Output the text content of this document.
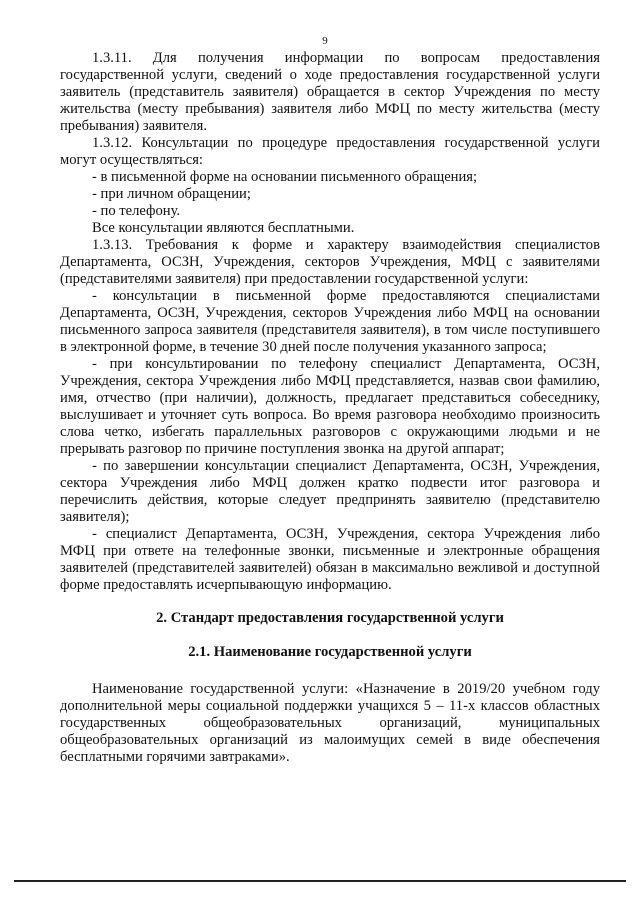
9

1.3.11. Для получения информации по вопросам предоставления государственной услуги, сведений о ходе предоставления государственной услуги заявитель (представитель заявителя) обращается в сектор Учреждения по месту жительства (месту пребывания) заявителя либо МФЦ по месту жительства (месту пребывания) заявителя.

1.3.12. Консультации по процедуре предоставления государственной услуги могут осуществляться:

- в письменной форме на основании письменного обращения;

- при личном обращении;

- по телефону.

Все консультации являются бесплатными.

1.3.13. Требования к форме и характеру взаимодействия специалистов Департамента, ОСЗН, Учреждения, секторов Учреждения, МФЦ с заявителями (представителями заявителя) при предоставлении государственной услуги:

- консультации в письменной форме предоставляются специалистами Департамента, ОСЗН, Учреждения, секторов Учреждения либо МФЦ на основании письменного запроса заявителя (представителя заявителя), в том числе поступившего в электронной форме, в течение 30 дней после получения указанного запроса;

- при консультировании по телефону специалист Департамента, ОСЗН, Учреждения, сектора Учреждения либо МФЦ представляется, назвав свои фамилию, имя, отчество (при наличии), должность, предлагает представиться собеседнику, выслушивает и уточняет суть вопроса. Во время разговора необходимо произносить слова четко, избегать параллельных разговоров с окружающими людьми и не прерывать разговор по причине поступления звонка на другой аппарат;

- по завершении консультации специалист Департамента, ОСЗН, Учреждения, сектора Учреждения либо МФЦ должен кратко подвести итог разговора и перечислить действия, которые следует предпринять заявителю (представителю заявителя);

- специалист Департамента, ОСЗН, Учреждения, сектора Учреждения либо МФЦ при ответе на телефонные звонки, письменные и электронные обращения заявителей (представителей заявителей) обязан в максимально вежливой и доступной форме предоставлять исчерпывающую информацию.

2. Стандарт предоставления государственной услуги

2.1. Наименование государственной услуги

Наименование государственной услуги: «Назначение в 2019/20 учебном году дополнительной меры социальной поддержки учащихся 5 – 11-х классов областных государственных общеобразовательных организаций, муниципальных общеобразовательных организаций из малоимущих семей в виде обеспечения бесплатными горячими завтраками».
